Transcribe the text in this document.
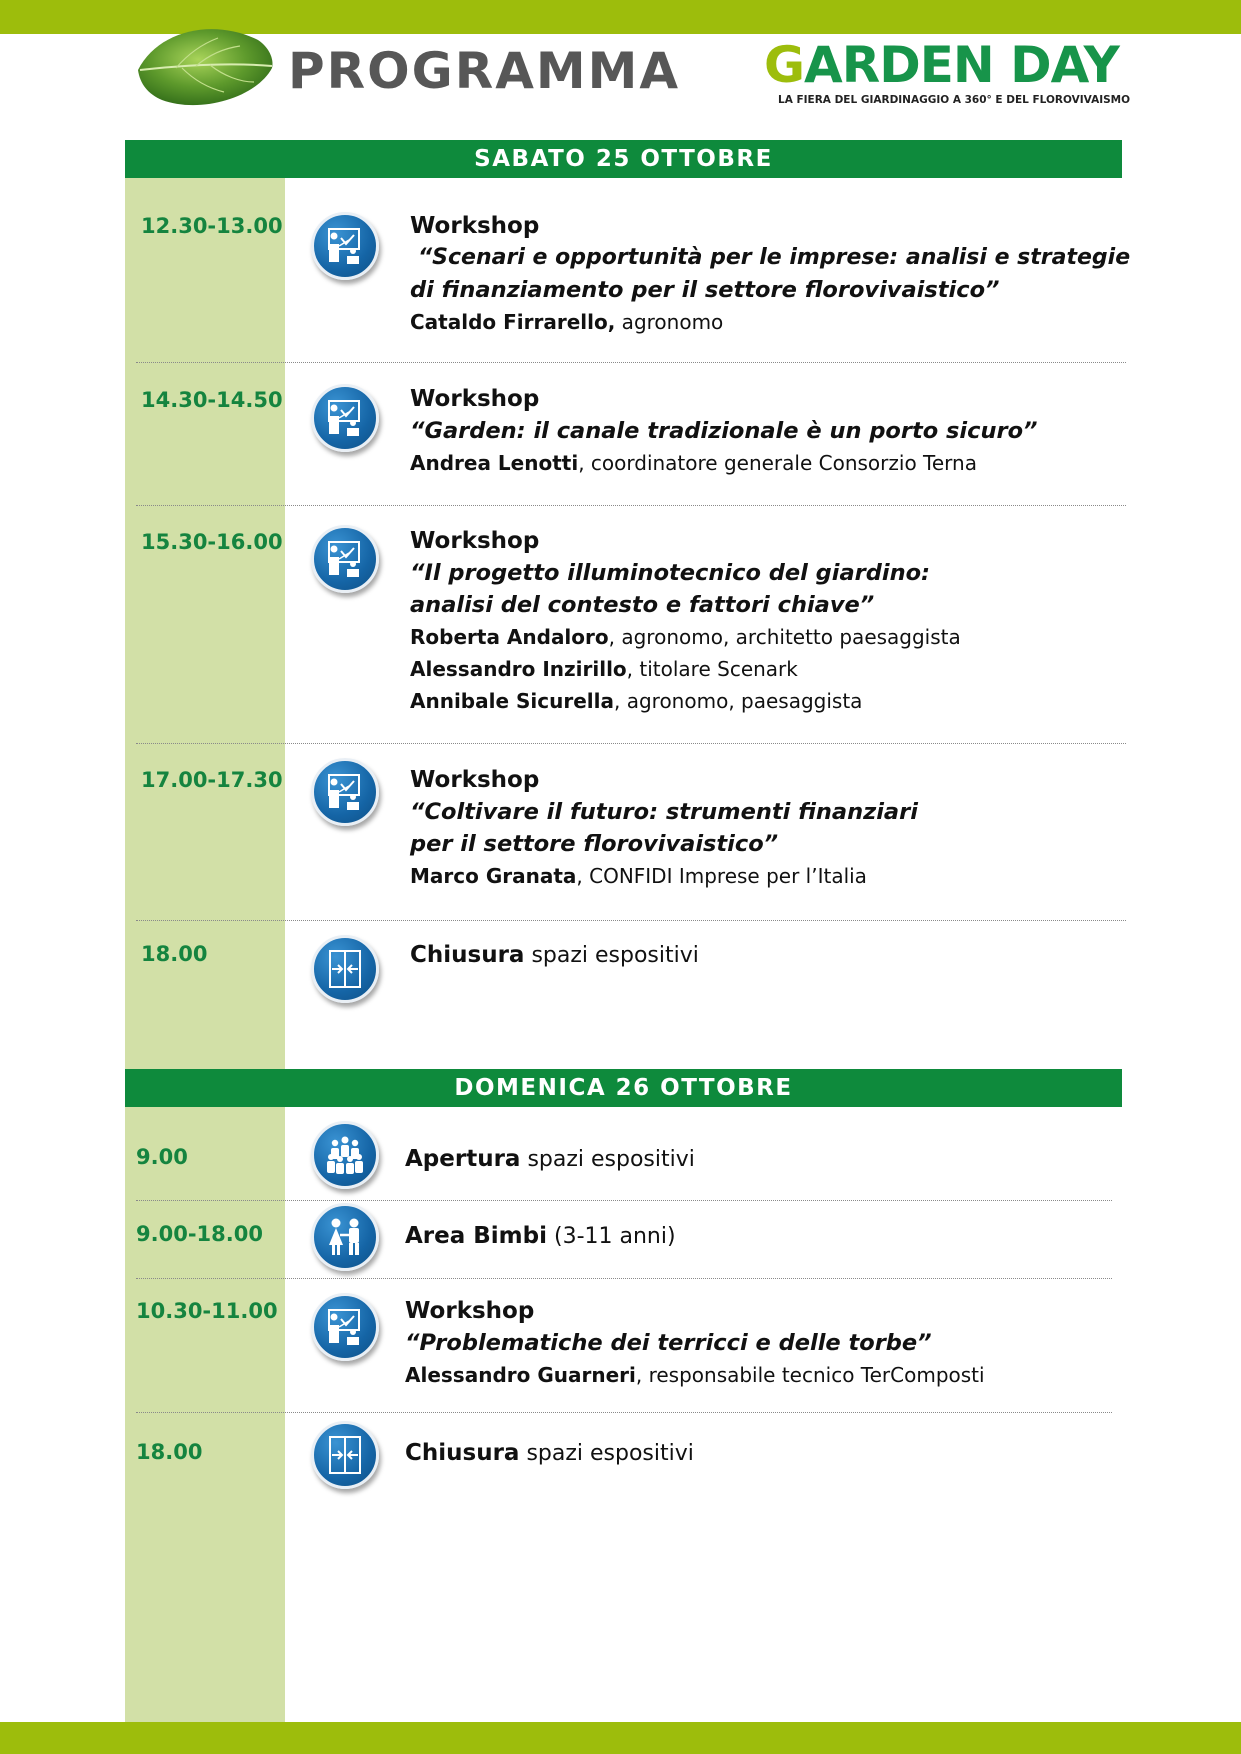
PROGRAMMA GARDEN DAY
LA FIERA DEL GIARDINAGGIO A 360° E DEL FLOROVIVAISMO
SABATO 25 OTTOBRE
12.30-13.00	Workshop
“Scenari e opportunità per le imprese: analisi e strategie
di finanziamento per il settore florovivaistico”
Cataldo Firrarello, agronomo
14.30-14.50	Workshop
“Garden: il canale tradizionale è un porto sicuro”
Andrea Lenotti, coordinatore generale Consorzio Terna
15.30-16.00	Workshop
“Il progetto illuminotecnico del giardino:
analisi del contesto e fattori chiave”
Roberta Andaloro, agronomo, architetto paesaggista
Alessandro Inzirillo, titolare Scenark
Annibale Sicurella, agronomo, paesaggista
17.00-17.30	Workshop
“Coltivare il futuro: strumenti finanziari
per il settore florovivaistico”
Marco Granata, CONFIDI Imprese per l’Italia
18.00	Chiusura spazi espositivi
DOMENICA 26 OTTOBRE
9.00	Apertura spazi espositivi
9.00-18.00	Area Bimbi (3-11 anni)
10.30-11.00	Workshop
“Problematiche dei terricci e delle torbe”
Alessandro Guarneri, responsabile tecnico TerComposti
18.00	Chiusura spazi espositivi
